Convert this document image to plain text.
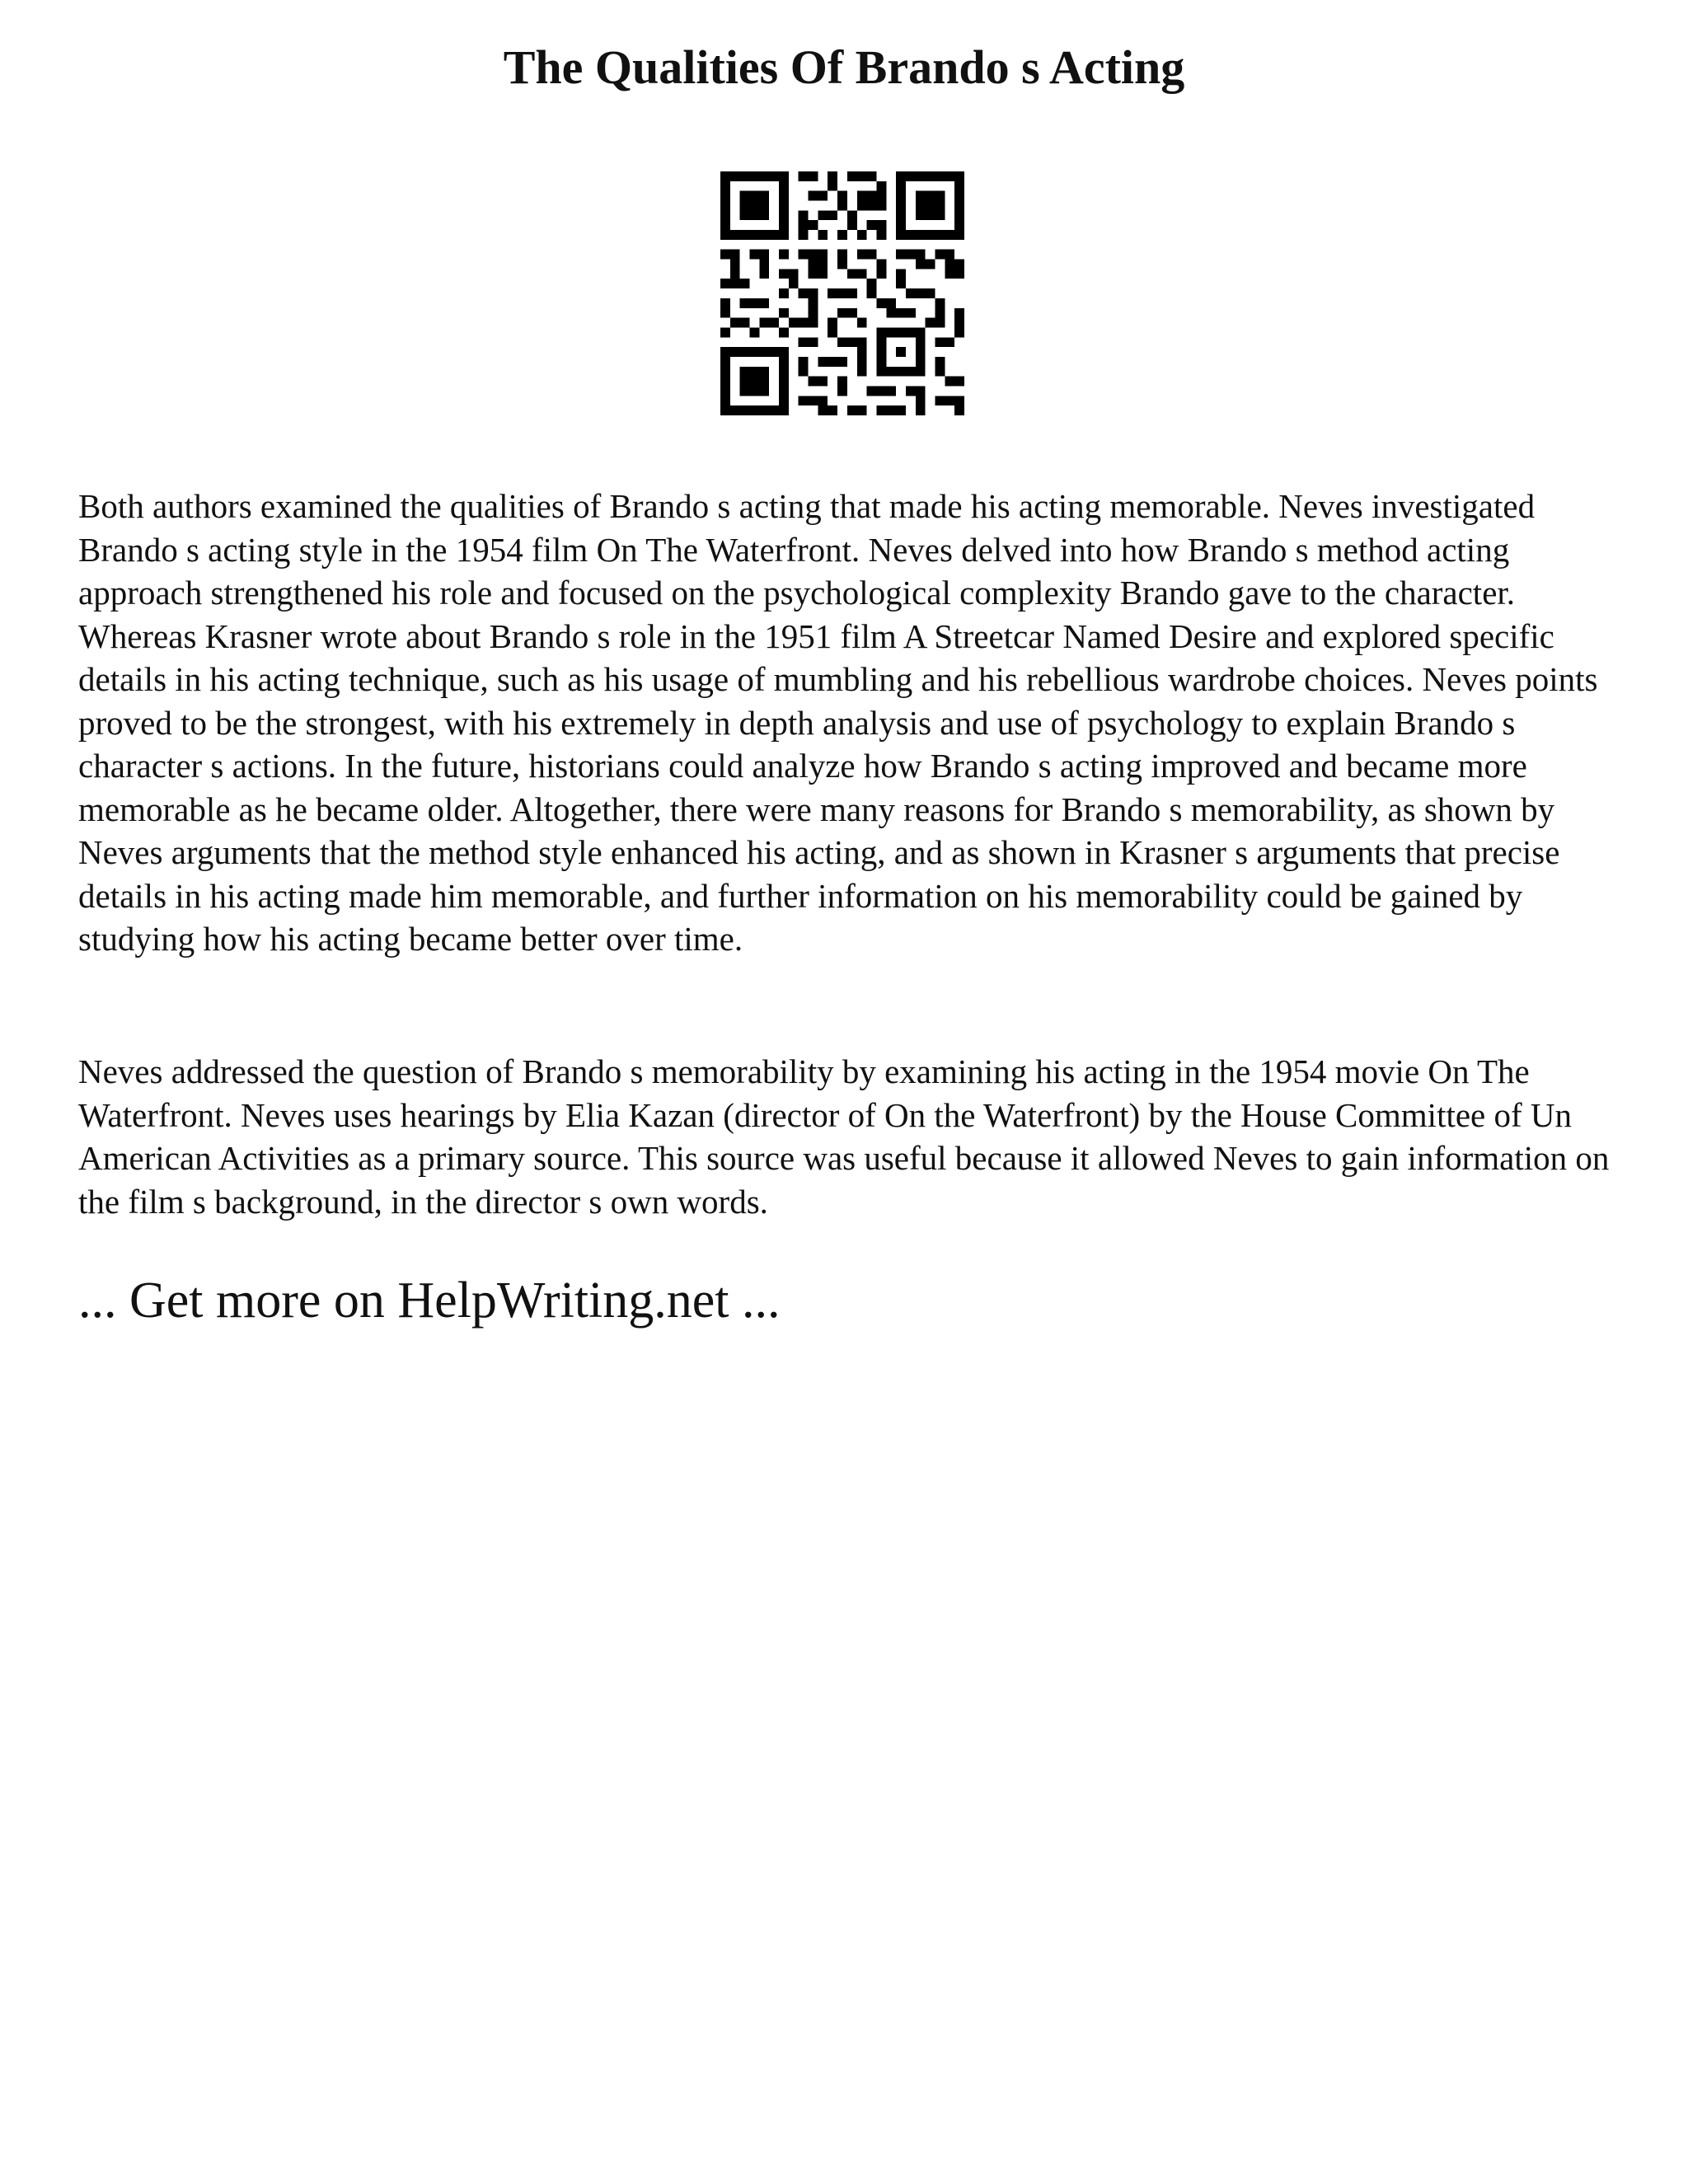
The Qualities Of Brando s Acting

Both authors examined the qualities of Brando s acting that made his acting memorable. Neves investigated Brando s acting style in the 1954 film On The Waterfront. Neves delved into how Brando s method acting approach strengthened his role and focused on the psychological complexity Brando gave to the character. Whereas Krasner wrote about Brando s role in the 1951 film A Streetcar Named Desire and explored specific details in his acting technique, such as his usage of mumbling and his rebellious wardrobe choices. Neves points proved to be the strongest, with his extremely in depth analysis and use of psychology to explain Brando s character s actions. In the future, historians could analyze how Brando s acting improved and became more memorable as he became older. Altogether, there were many reasons for Brando s memorability, as shown by Neves arguments that the method style enhanced his acting, and as shown in Krasner s arguments that precise details in his acting made him memorable, and further information on his memorability could be gained by studying how his acting became better over time.

Neves addressed the question of Brando s memorability by examining his acting in the 1954 movie On The Waterfront. Neves uses hearings by Elia Kazan (director of On the Waterfront) by the House Committee of Un American Activities as a primary source. This source was useful because it allowed Neves to gain information on the film s background, in the director s own words.

... Get more on HelpWriting.net ...
